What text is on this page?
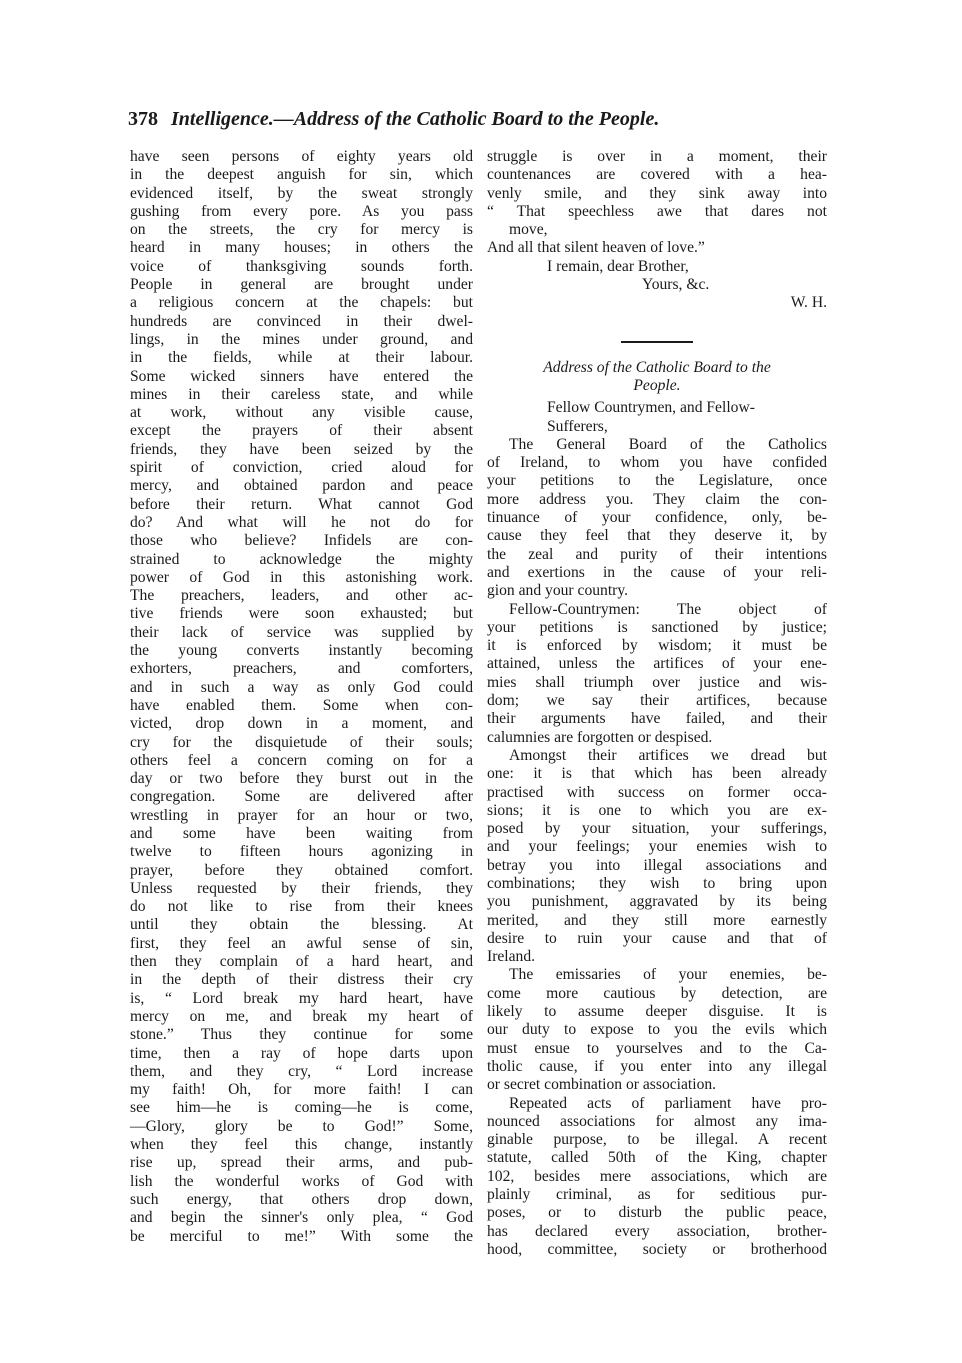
378 Intelligence.—Address of the Catholic Board to the People.
have seen persons of eighty years old
in the deepest anguish for sin, which
evidenced itself, by the sweat strongly
gushing from every pore. As you pass
on the streets, the cry for mercy is
heard in many houses; in others the
voice of thanksgiving sounds forth.
People in general are brought under
a religious concern at the chapels: but
hundreds are convinced in their dwel-
lings, in the mines under ground, and
in the fields, while at their labour.
Some wicked sinners have entered the
mines in their careless state, and while
at work, without any visible cause,
except the prayers of their absent
friends, they have been seized by the
spirit of conviction, cried aloud for
mercy, and obtained pardon and peace
before their return. What cannot God
do? And what will he not do for
those who believe? Infidels are con-
strained to acknowledge the mighty
power of God in this astonishing work.
The preachers, leaders, and other ac-
tive friends were soon exhausted; but
their lack of service was supplied by
the young converts instantly becoming
exhorters, preachers, and comforters,
and in such a way as only God could
have enabled them. Some when con-
victed, drop down in a moment, and
cry for the disquietude of their souls;
others feel a concern coming on for a
day or two before they burst out in the
congregation. Some are delivered after
wrestling in prayer for an hour or two,
and some have been waiting from
twelve to fifteen hours agonizing in
prayer, before they obtained comfort.
Unless requested by their friends, they
do not like to rise from their knees
until they obtain the blessing. At
first, they feel an awful sense of sin,
then they complain of a hard heart, and
in the depth of their distress their cry
is, “ Lord break my hard heart, have
mercy on me, and break my heart of
stone.” Thus they continue for some
time, then a ray of hope darts upon
them, and they cry, “ Lord increase
my faith! Oh, for more faith! I can
see him—he is coming—he is come,
—Glory, glory be to God!” Some,
when they feel this change, instantly
rise up, spread their arms, and pub-
lish the wonderful works of God with
such energy, that others drop down,
and begin the sinner's only plea, “ God
be merciful to me!” With some the
struggle is over in a moment, their
countenances are covered with a hea-
venly smile, and they sink away into
“ That speechless awe that dares not
move,
And all that silent heaven of love.”
I remain, dear Brother,
Yours, &c.
W. H.
Address of the Catholic Board to the
People.
Fellow Countrymen, and Fellow-
Sufferers,
The General Board of the Catholics
of Ireland, to whom you have confided
your petitions to the Legislature, once
more address you. They claim the con-
tinuance of your confidence, only, be-
cause they feel that they deserve it, by
the zeal and purity of their intentions
and exertions in the cause of your reli-
gion and your country.
Fellow-Countrymen: The object of
your petitions is sanctioned by justice;
it is enforced by wisdom; it must be
attained, unless the artifices of your ene-
mies shall triumph over justice and wis-
dom; we say their artifices, because
their arguments have failed, and their
calumnies are forgotten or despised.
Amongst their artifices we dread but
one: it is that which has been already
practised with success on former occa-
sions; it is one to which you are ex-
posed by your situation, your sufferings,
and your feelings; your enemies wish to
betray you into illegal associations and
combinations; they wish to bring upon
you punishment, aggravated by its being
merited, and they still more earnestly
desire to ruin your cause and that of
Ireland.
The emissaries of your enemies, be-
come more cautious by detection, are
likely to assume deeper disguise. It is
our duty to expose to you the evils which
must ensue to yourselves and to the Ca-
tholic cause, if you enter into any illegal
or secret combination or association.
Repeated acts of parliament have pro-
nounced associations for almost any ima-
ginable purpose, to be illegal. A recent
statute, called 50th of the King, chapter
102, besides mere associations, which are
plainly criminal, as for seditious pur-
poses, or to disturb the public peace,
has declared every association, brother-
hood, committee, society or brotherhood
